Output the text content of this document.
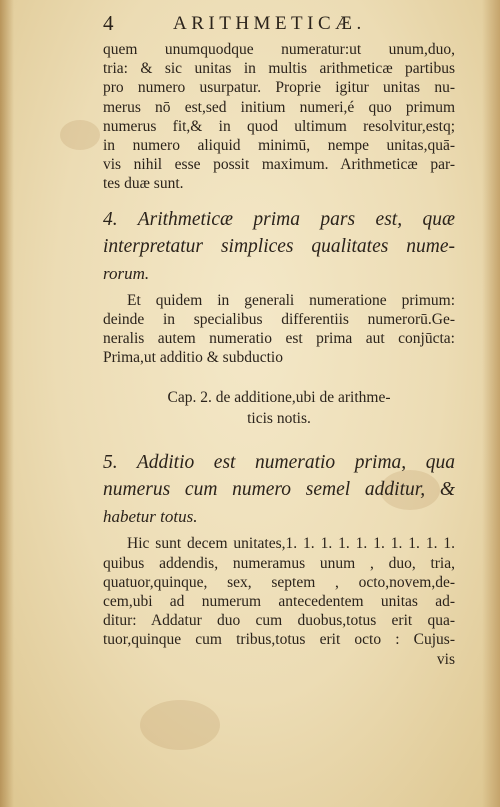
4	ARITHMETICÆ.
quem unumquodque numeratur:ut unum,duo,
tria: & sic unitas in multis arithmeticæ partibus
pro numero usurpatur. Proprie igitur unitas nu-
merus nō est,sed initium numeri,é quo primum
numerus fit,& in quod ultimum resolvitur,estq;
in numero aliquid minimū, nempe unitas,quā-
vis nihil esse possit maximum. Arithmeticæ par-
tes duæ sunt.
4. Arithmeticæ prima pars est, quæ
interpretatur simplices qualitates nume-
rorum.
Et quidem in generali numeratione primum:
deinde in specialibus differentiis numerorū.Ge-
neralis autem numeratio est prima aut conjūcta:
Prima,ut additio & subductio
Cap. 2. de additione,ubi de arithme-
ticis notis.
5. Additio est numeratio prima, qua
numerus cum numero semel additur, &
habetur totus.
Hic sunt decem unitates,1. 1. 1. 1. 1. 1. 1. 1. 1. 1.
quibus addendis, numeramus unum , duo, tria,
quatuor,quinque, sex, septem , octo,novem,de-
cem,ubi ad numerum antecedentem unitas ad-
ditur: Addatur duo cum duobus,totus erit qua-
tuor,quinque cum tribus,totus erit octo : Cujus-
vis
